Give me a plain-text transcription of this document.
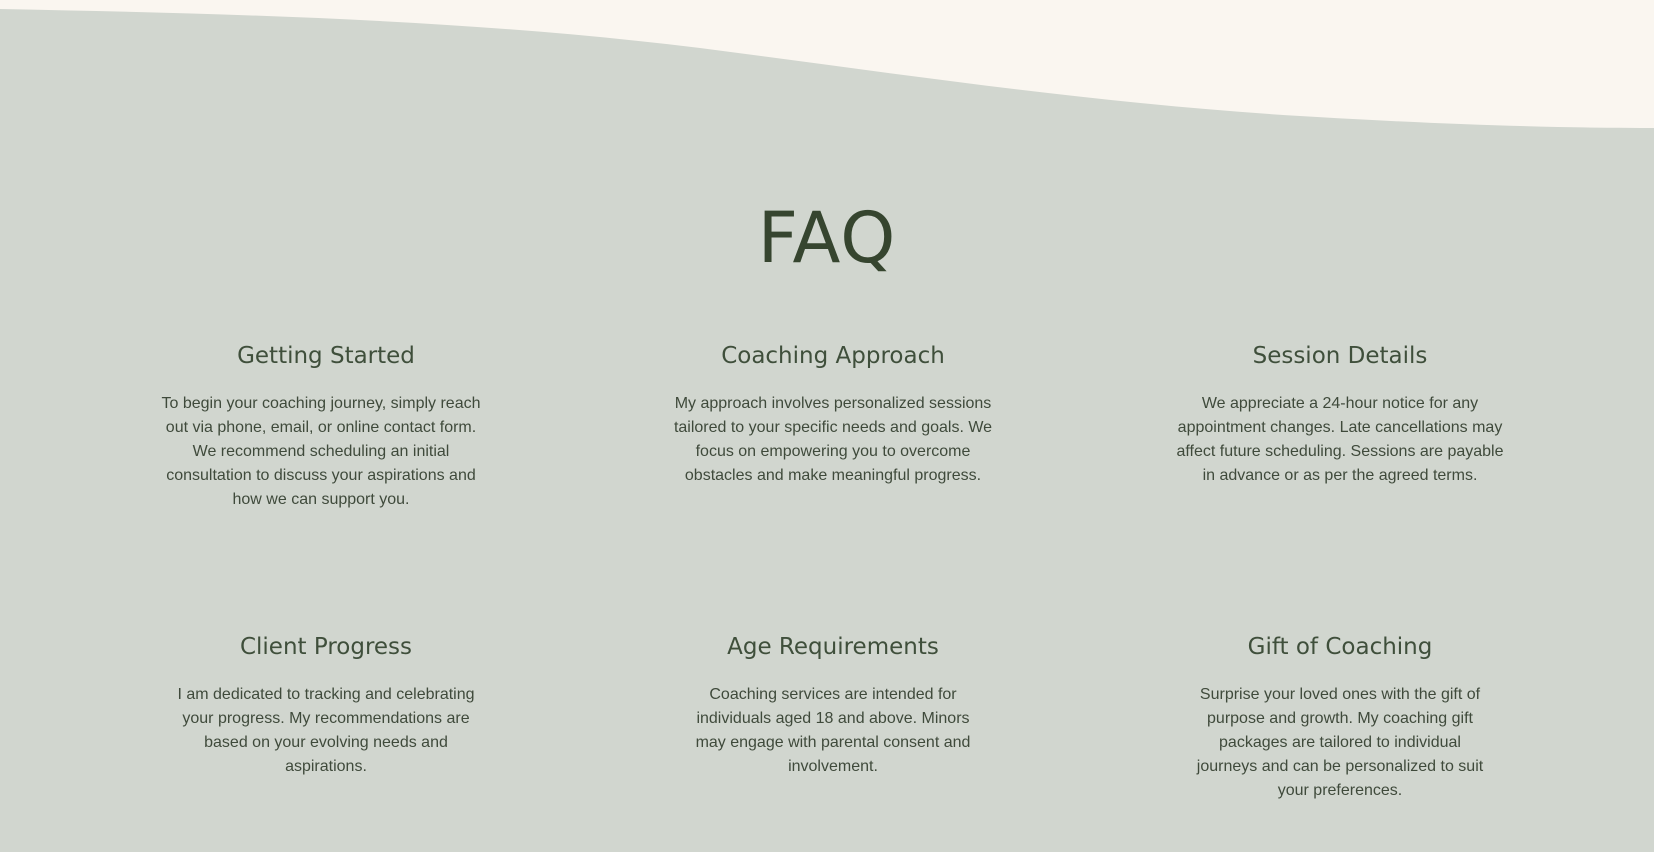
FAQ
Getting Started

To begin your coaching journey, simply reach out via phone, email, or online contact form. We recommend scheduling an initial consultation to discuss your aspirations and how we can support you.

Coaching Approach

My approach involves personalized sessions tailored to your specific needs and goals. We focus on empowering you to overcome obstacles and make meaningful progress.

Session Details

We appreciate a 24-hour notice for any appointment changes. Late cancellations may affect future scheduling. Sessions are payable in advance or as per the agreed terms.

Client Progress

I am dedicated to tracking and celebrating your progress. My recommendations are based on your evolving needs and aspirations.

Age Requirements

Coaching services are intended for individuals aged 18 and above. Minors may engage with parental consent and involvement.

Gift of Coaching

Surprise your loved ones with the gift of purpose and growth. My coaching gift packages are tailored to individual journeys and can be personalized to suit your preferences.
